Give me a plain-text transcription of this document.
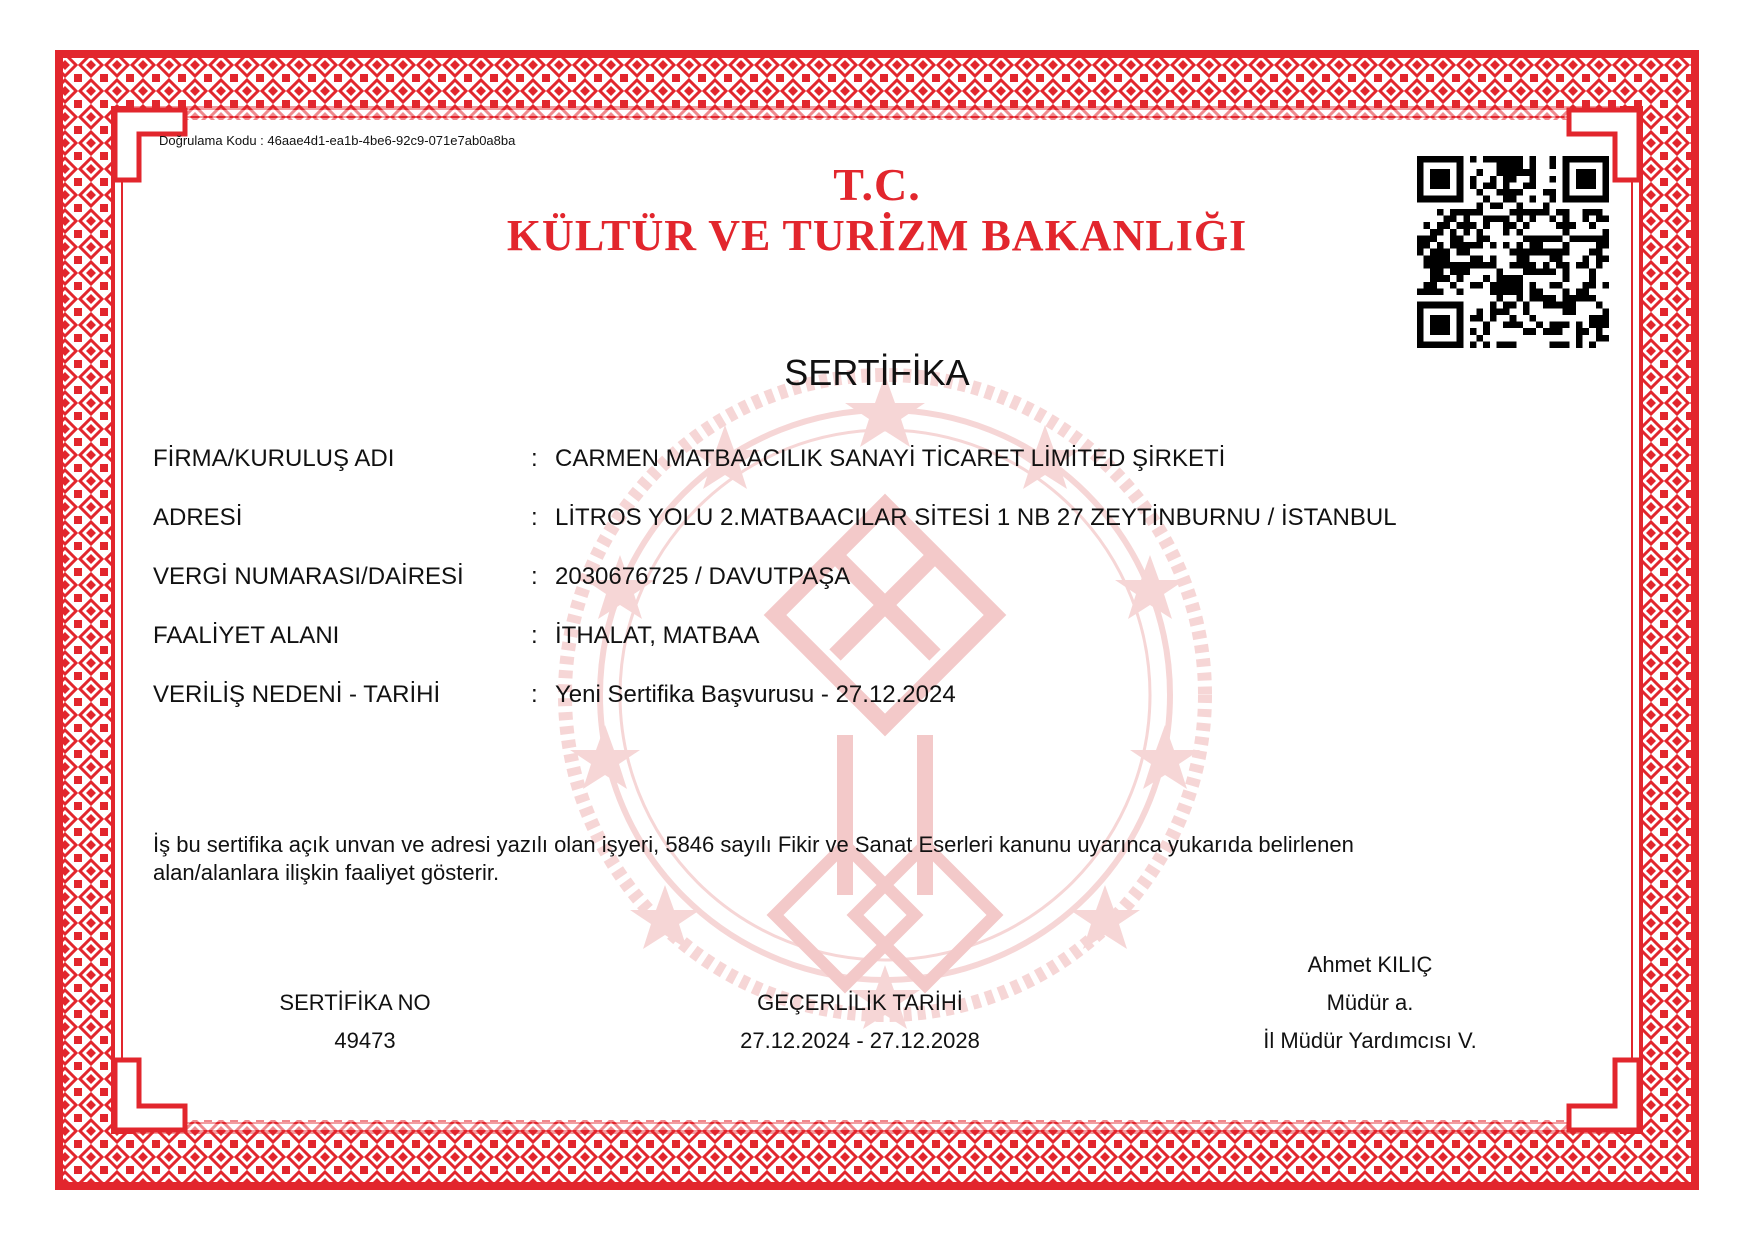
Doğrulama Kodu : 46aae4d1-ea1b-4be6-92c9-071e7ab0a8ba
T.C.
KÜLTÜR VE TURİZM BAKANLIĞI
SERTİFİKA
FİRMA/KURULUŞ ADI	: CARMEN MATBAACILIK SANAYİ TİCARET LİMİTED ŞİRKETİ
ADRESİ	: LİTROS YOLU 2.MATBAACILAR SİTESİ 1 NB 27 ZEYTİNBURNU / İSTANBUL
VERGİ NUMARASI/DAİRESİ	: 2030676725 / DAVUTPAŞA
FAALİYET ALANI	: İTHALAT, MATBAA
VERİLİŞ NEDENİ - TARİHİ	: Yeni Sertifika Başvurusu - 27.12.2024
İş bu sertifika açık unvan ve adresi yazılı olan işyeri, 5846 sayılı Fikir ve Sanat Eserleri kanunu uyarınca yukarıda belirlenen
alan/alanlara ilişkin faaliyet gösterir.
SERTİFİKA NO
49473
GEÇERLİLİK TARİHİ
27.12.2024 - 27.12.2028
Ahmet KILIÇ
Müdür a.
İl Müdür Yardımcısı V.
